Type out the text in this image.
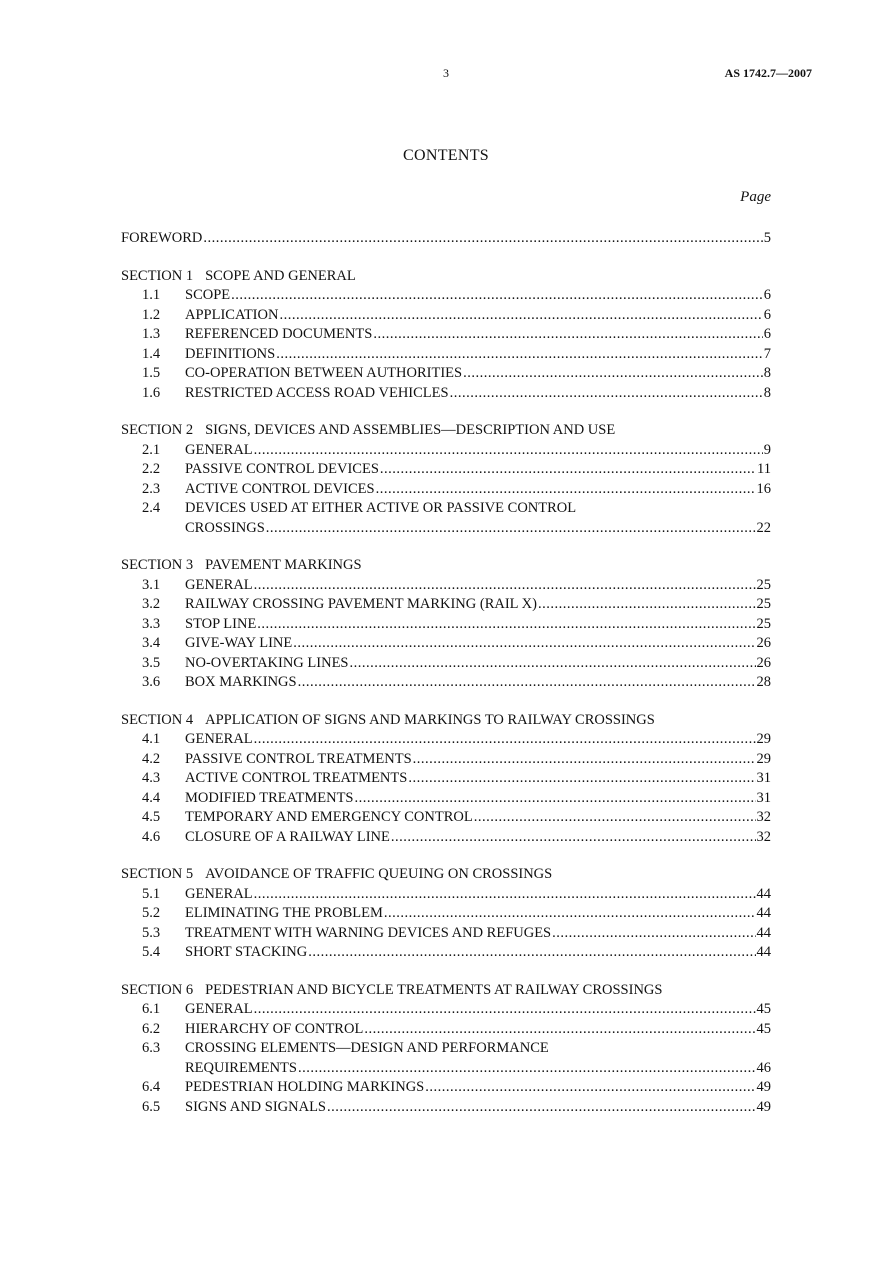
3	AS 1742.7—2007
CONTENTS
Page
FOREWORD .....	5
SECTION 1 SCOPE AND GENERAL
1.1	SCOPE .....	6
1.2	APPLICATION .....	6
1.3	REFERENCED DOCUMENTS .....	6
1.4	DEFINITIONS .....	7
1.5	CO-OPERATION BETWEEN AUTHORITIES .....	8
1.6	RESTRICTED ACCESS ROAD VEHICLES .....	8
SECTION 2 SIGNS, DEVICES AND ASSEMBLIES—DESCRIPTION AND USE
2.1	GENERAL .....	9
2.2	PASSIVE CONTROL DEVICES .....	11
2.3	ACTIVE CONTROL DEVICES .....	16
2.4	DEVICES USED AT EITHER ACTIVE OR PASSIVE CONTROL
CROSSINGS .....	22
SECTION 3 PAVEMENT MARKINGS
3.1	GENERAL .....	25
3.2	RAILWAY CROSSING PAVEMENT MARKING (RAIL X) .....	25
3.3	STOP LINE .....	25
3.4	GIVE-WAY LINE .....	26
3.5	NO-OVERTAKING LINES .....	26
3.6	BOX MARKINGS .....	28
SECTION 4 APPLICATION OF SIGNS AND MARKINGS TO RAILWAY CROSSINGS
4.1	GENERAL .....	29
4.2	PASSIVE CONTROL TREATMENTS .....	29
4.3	ACTIVE CONTROL TREATMENTS .....	31
4.4	MODIFIED TREATMENTS .....	31
4.5	TEMPORARY AND EMERGENCY CONTROL .....	32
4.6	CLOSURE OF A RAILWAY LINE .....	32
SECTION 5 AVOIDANCE OF TRAFFIC QUEUING ON CROSSINGS
5.1	GENERAL .....	44
5.2	ELIMINATING THE PROBLEM .....	44
5.3	TREATMENT WITH WARNING DEVICES AND REFUGES .....	44
5.4	SHORT STACKING .....	44
SECTION 6 PEDESTRIAN AND BICYCLE TREATMENTS AT RAILWAY CROSSINGS
6.1	GENERAL .....	45
6.2	HIERARCHY OF CONTROL .....	45
6.3	CROSSING ELEMENTS—DESIGN AND PERFORMANCE
REQUIREMENTS .....	46
6.4	PEDESTRIAN HOLDING MARKINGS .....	49
6.5	SIGNS AND SIGNALS .....	49
